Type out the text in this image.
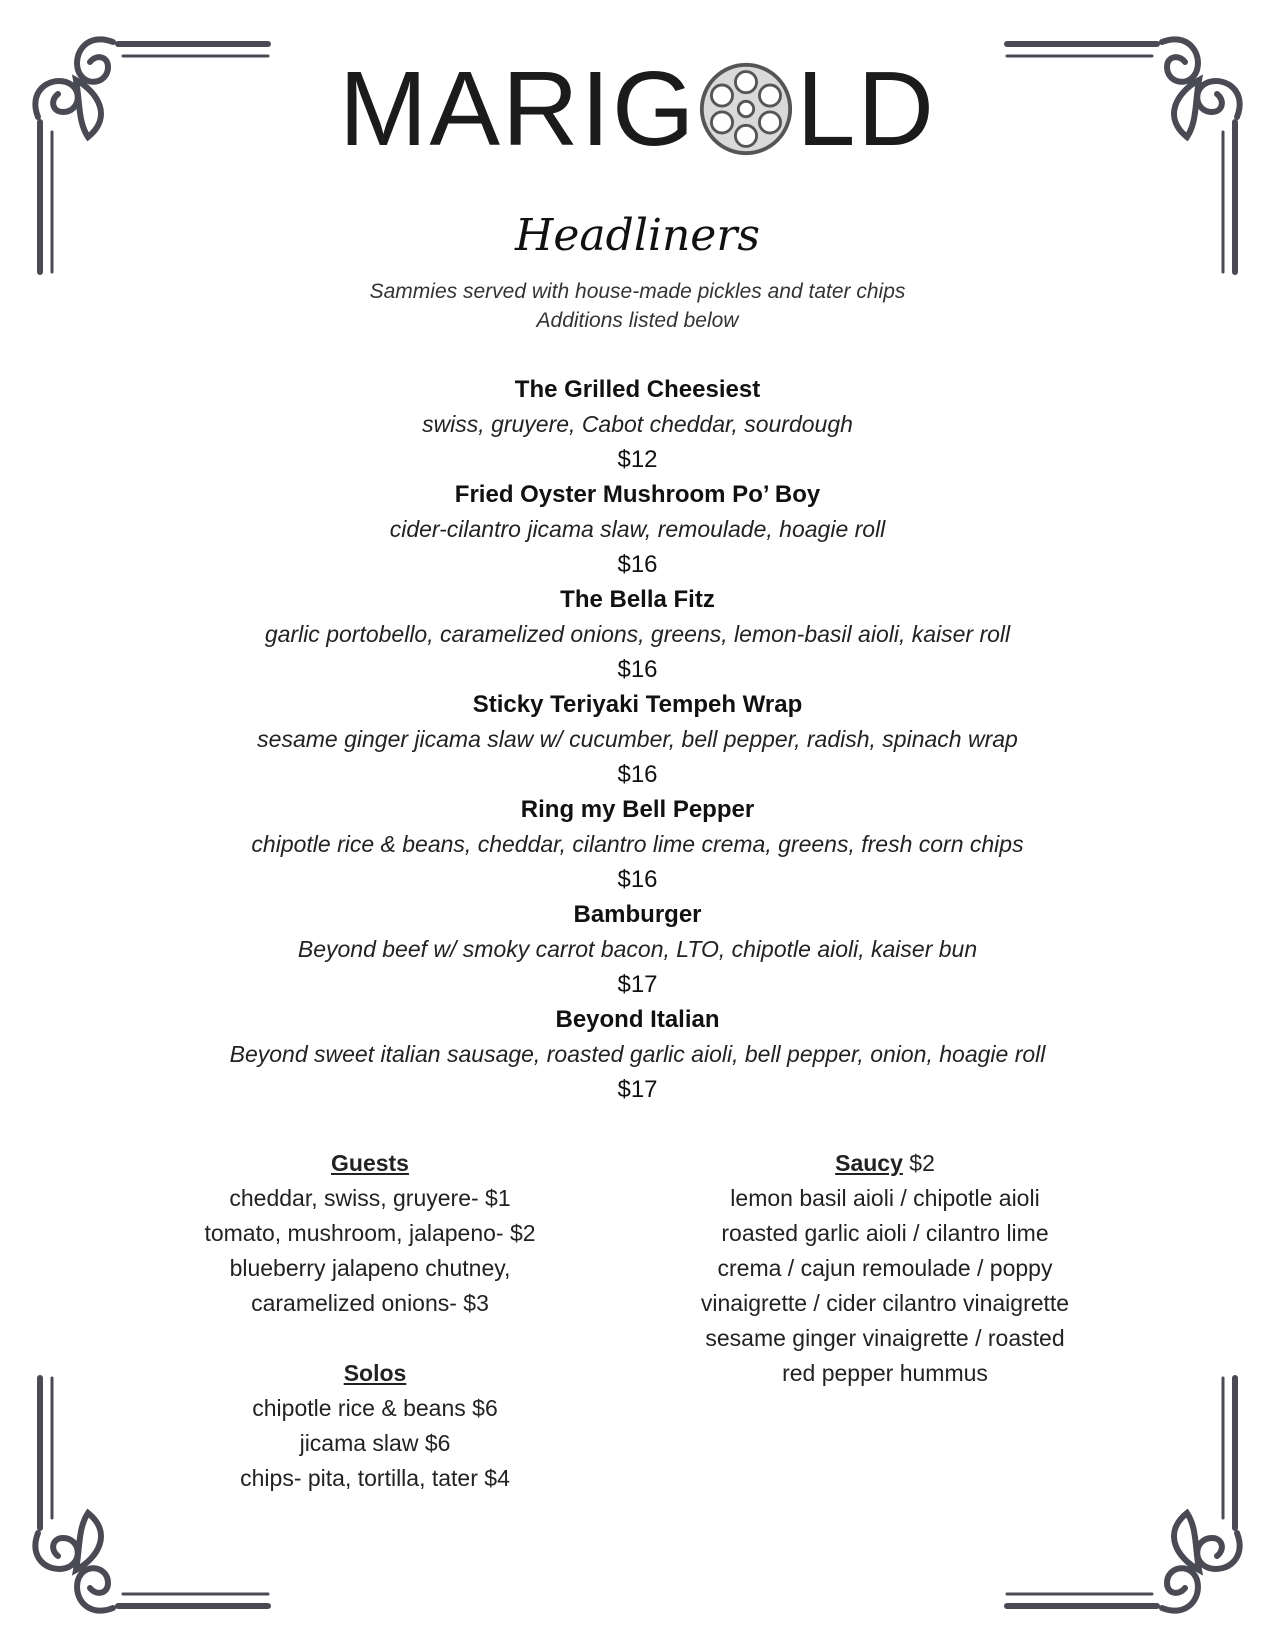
MARIG LD
Headliners
Sammies served with house-made pickles and tater chips
Additions listed below
The Grilled Cheesiest
swiss, gruyere, Cabot cheddar, sourdough
$12
Fried Oyster Mushroom Po’ Boy
cider-cilantro jicama slaw, remoulade, hoagie roll
$16
The Bella Fitz
garlic portobello, caramelized onions, greens, lemon-basil aioli, kaiser roll
$16
Sticky Teriyaki Tempeh Wrap
sesame ginger jicama slaw w/ cucumber, bell pepper, radish, spinach wrap
$16
Ring my Bell Pepper
chipotle rice & beans, cheddar, cilantro lime crema, greens, fresh corn chips
$16
Bamburger
Beyond beef w/ smoky carrot bacon, LTO, chipotle aioli, kaiser bun
$17
Beyond Italian
Beyond sweet italian sausage, roasted garlic aioli, bell pepper, onion, hoagie roll
$17
Guests
cheddar, swiss, gruyere- $1
tomato, mushroom, jalapeno- $2
blueberry jalapeno chutney,
caramelized onions- $3
Solos
chipotle rice & beans $6
jicama slaw $6
chips- pita, tortilla, tater $4
Saucy $2
lemon basil aioli / chipotle aioli
roasted garlic aioli / cilantro lime
crema / cajun remoulade / poppy
vinaigrette / cider cilantro vinaigrette
sesame ginger vinaigrette / roasted
red pepper hummus
